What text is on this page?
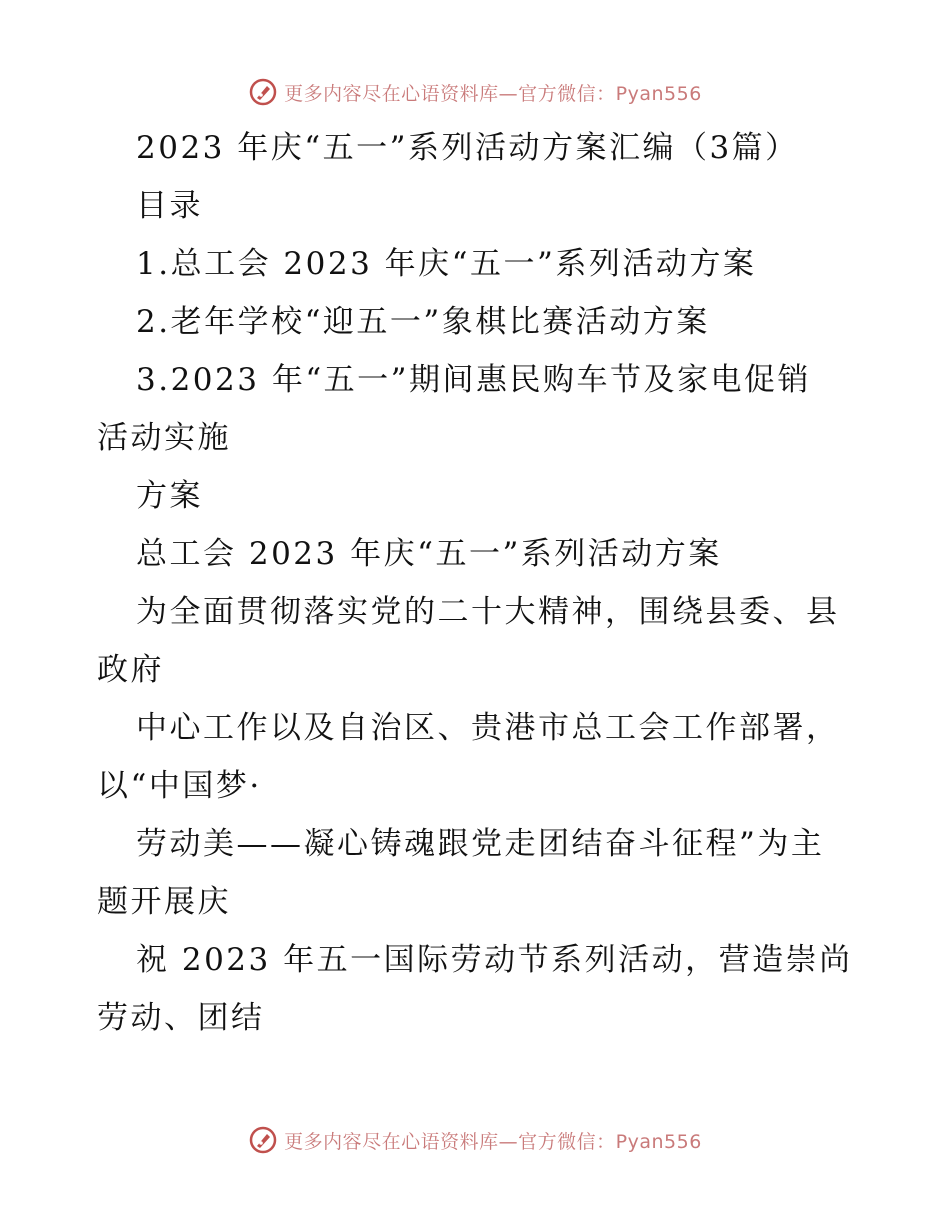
更多内容尽在心语资料库—官方微信：Pyan556
2023 年庆“五一”系列活动方案汇编（3篇）
目录
1.总工会 2023 年庆“五一”系列活动方案
2.老年学校“迎五一”象棋比赛活动方案
3.2023 年“五一”期间惠民购车节及家电促销
活动实施
方案
总工会 2023 年庆“五一”系列活动方案
为全面贯彻落实党的二十大精神，围绕县委、县
政府
中心工作以及自治区、贵港市总工会工作部署，
以“中国梦·
劳动美——凝心铸魂跟党走团结奋斗征程”为主
题开展庆
祝 2023 年五一国际劳动节系列活动，营造崇尚
劳动、团结
更多内容尽在心语资料库—官方微信：Pyan556
